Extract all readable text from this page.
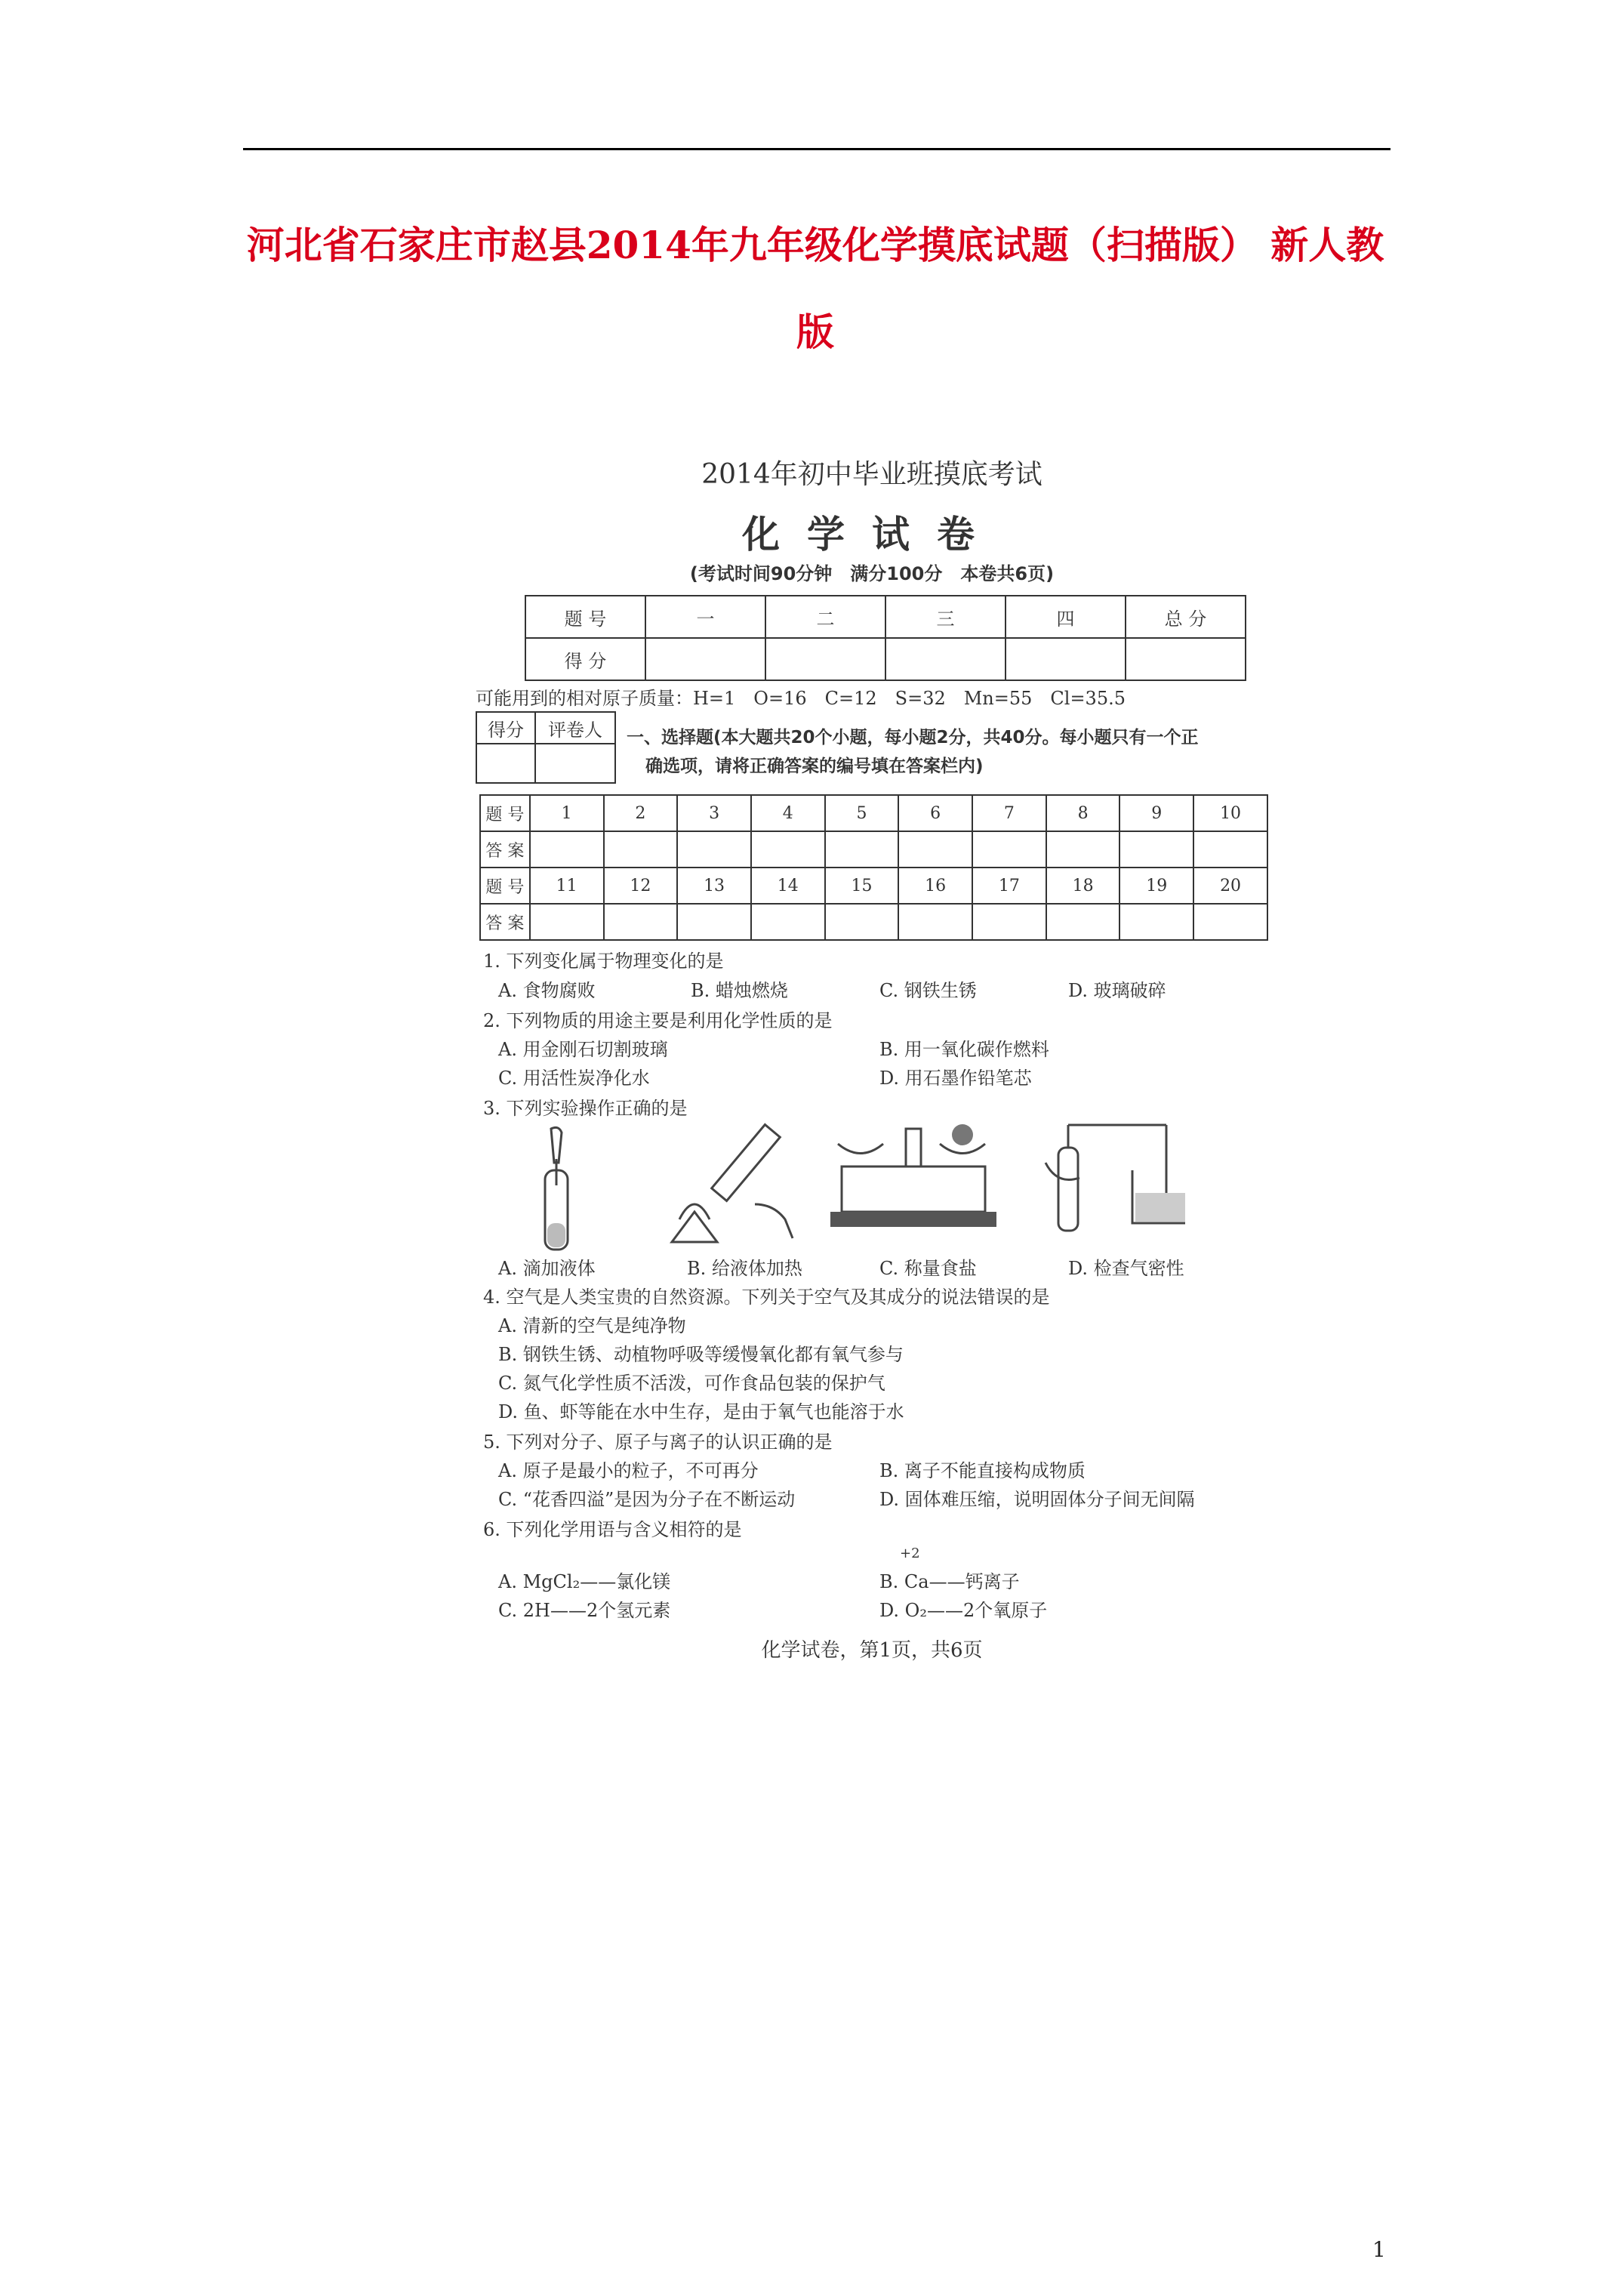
河北省石家庄市赵县2014年九年级化学摸底试题（扫描版） 新人教
版
2014年初中毕业班摸底考试
化学试卷
(考试时间90分钟　满分100分　本卷共6页)
题 号	一	二	三	四	总 分
得 分					
可能用到的相对原子质量：H=1　O=16　C=12　S=32　Mn=55　Cl=35.5
得分	评卷人
	一、选择题(本大题共20个小题，每小题2分，共40分。每小题只有一个正
确选项，请将正确答案的编号填在答案栏内)
题 号	1	2	3	4	5	6	7	8	9	10
答 案										
题 号	11	12	13	14	15	16	17	18	19	20
答 案										
1. 下列变化属于物理变化的是
A. 食物腐败	B. 蜡烛燃烧	C. 钢铁生锈	D. 玻璃破碎
2. 下列物质的用途主要是利用化学性质的是
A. 用金刚石切割玻璃	B. 用一氧化碳作燃料
C. 用活性炭净化水	D. 用石墨作铅笔芯
3. 下列实验操作正确的是
A. 滴加液体	B. 给液体加热	C. 称量食盐	D. 检查气密性
4. 空气是人类宝贵的自然资源。下列关于空气及其成分的说法错误的是
A. 清新的空气是纯净物
B. 钢铁生锈、动植物呼吸等缓慢氧化都有氧气参与
C. 氮气化学性质不活泼，可作食品包装的保护气
D. 鱼、虾等能在水中生存，是由于氧气也能溶于水
5. 下列对分子、原子与离子的认识正确的是
A. 原子是最小的粒子，不可再分	B. 离子不能直接构成物质
C. “花香四溢”是因为分子在不断运动	D. 固体难压缩，说明固体分子间无间隔
6. 下列化学用语与含义相符的是
+2
A. MgCl₂——氯化镁	B. Ca——钙离子
C. 2H——2个氢元素	D. O₂——2个氧原子
化学试卷，第1页，共6页
1
